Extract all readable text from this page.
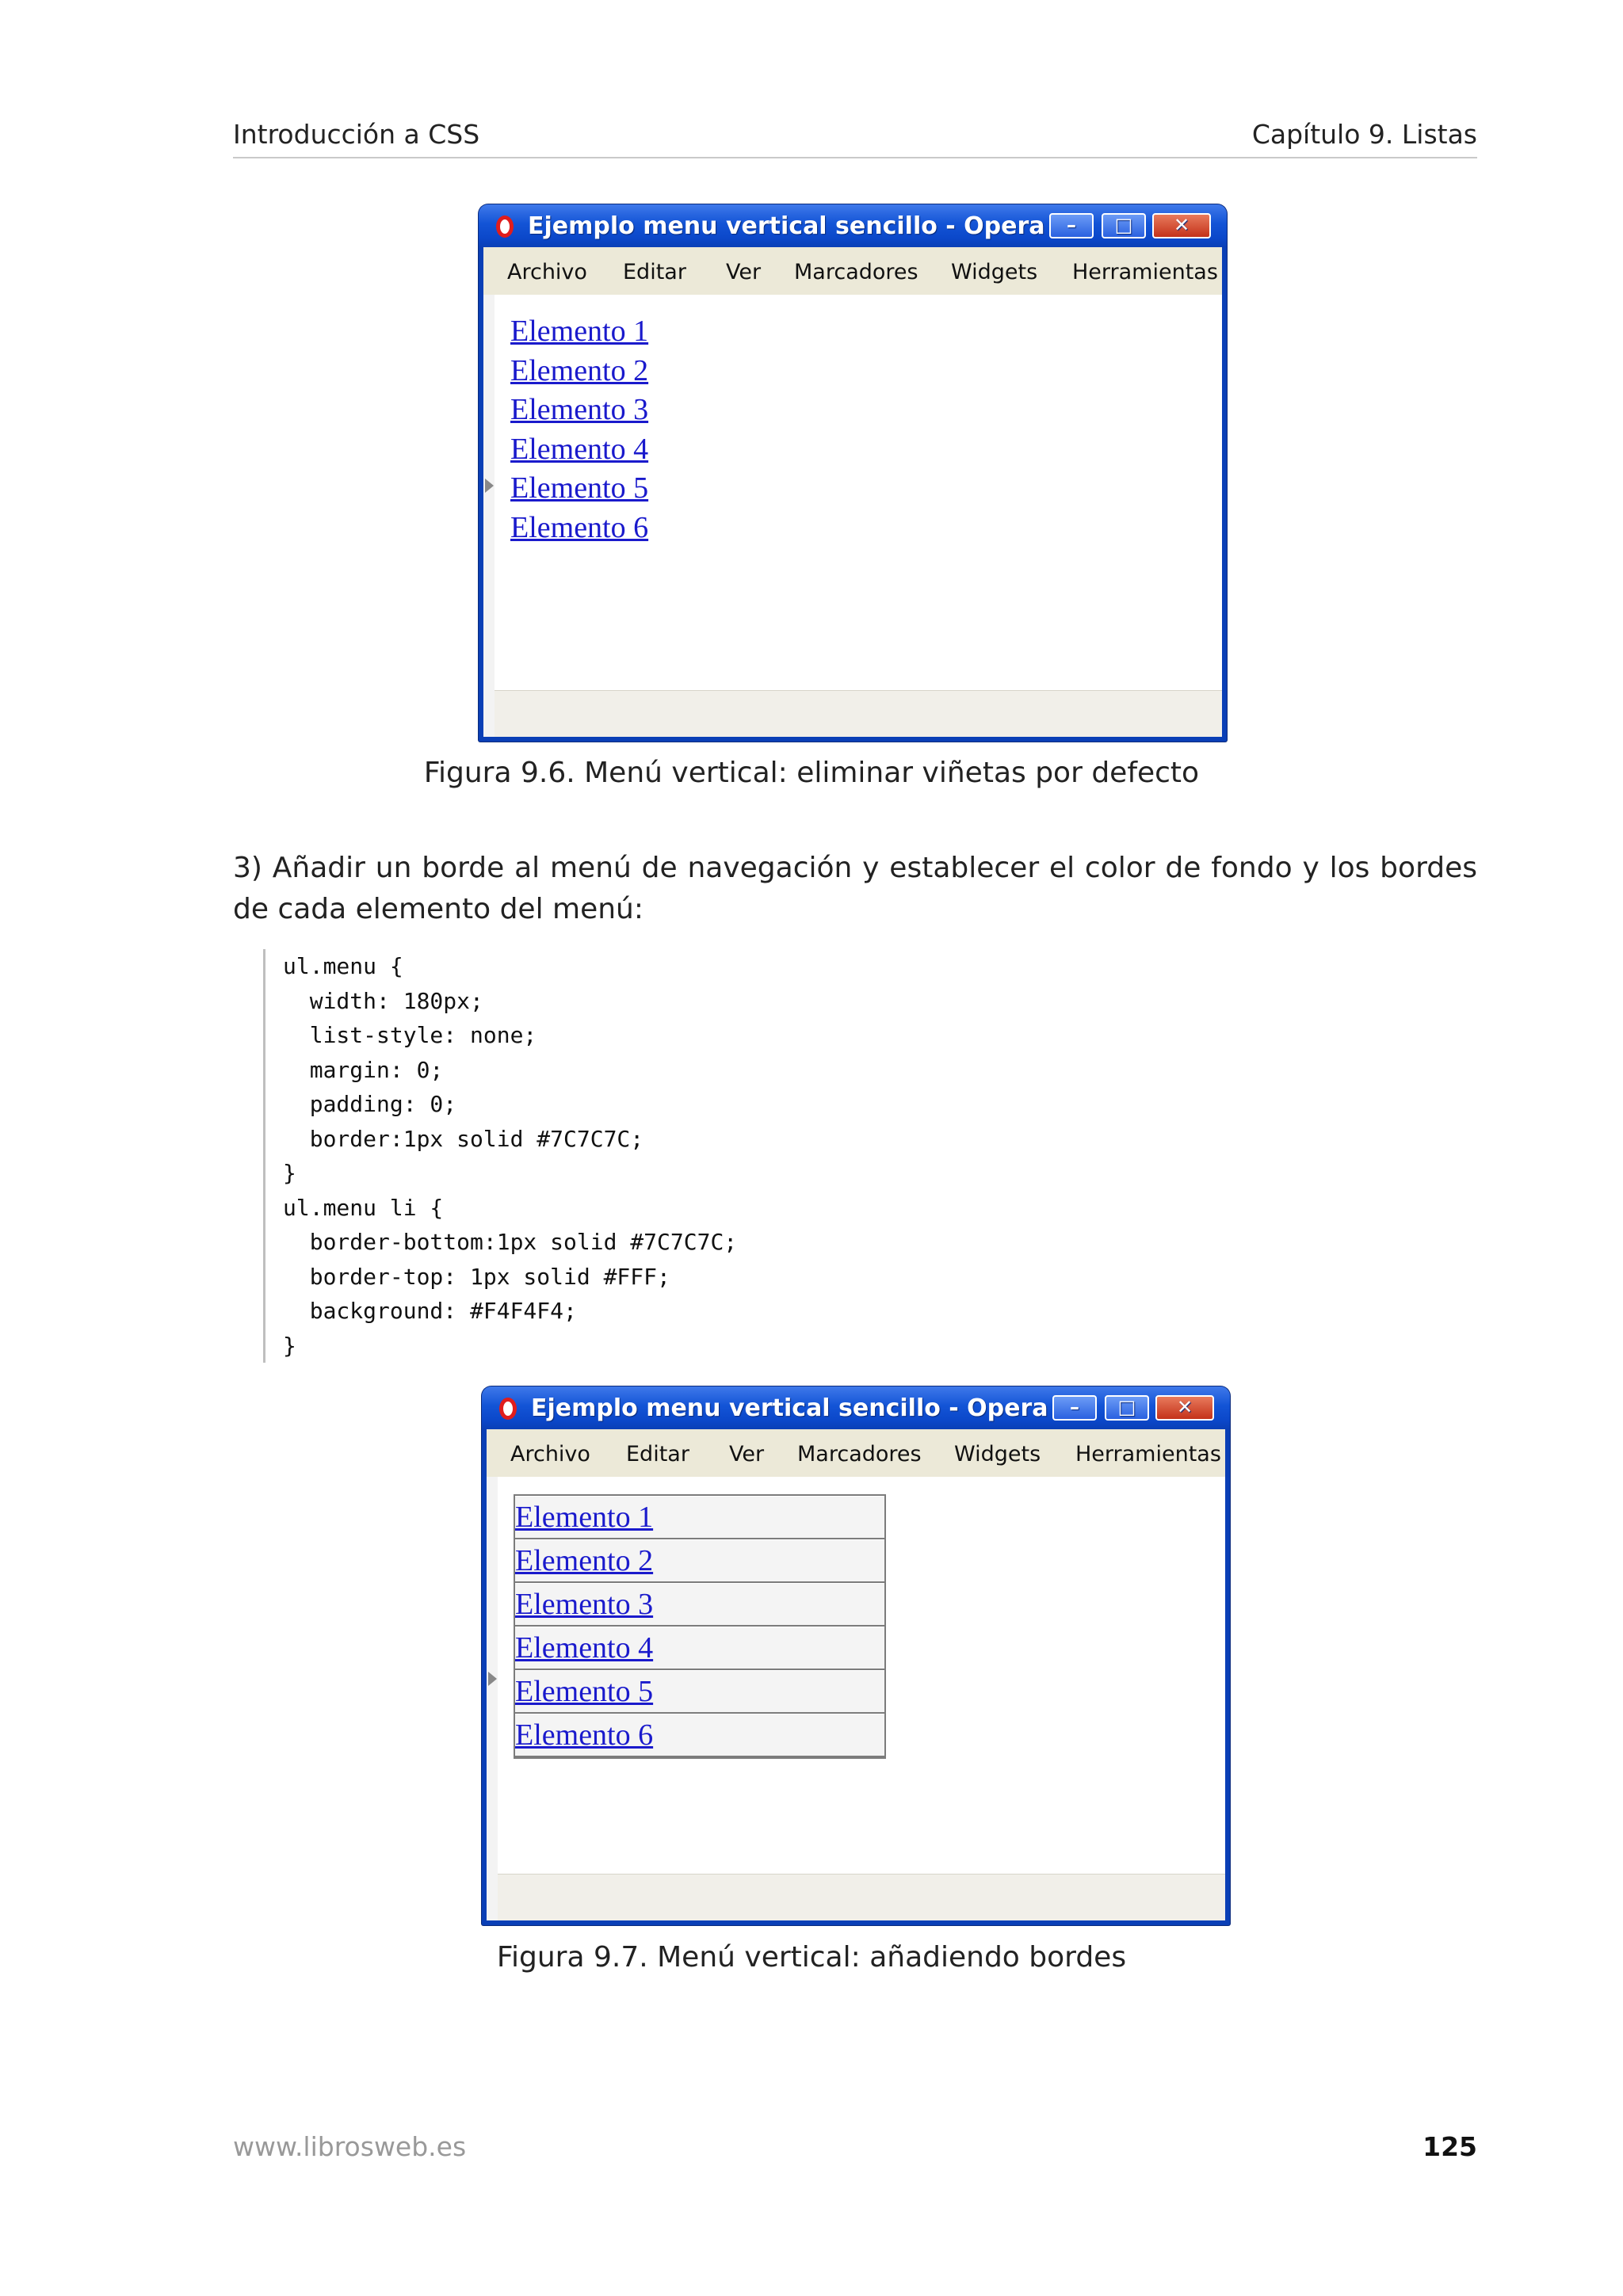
Introducción a CSS	Capítulo 9. Listas
Ejemplo menu vertical sencillo - Opera	–	□	✕
Archivo Editar Ver Marcadores Widgets Herramientas
Elemento 1
Elemento 2
Elemento 3
Elemento 4
Elemento 5
Elemento 6
Figura 9.6. Menú vertical: eliminar viñetas por defecto
3) Añadir un borde al menú de navegación y establecer el color de fondo y los bordes de cada elemento del menú:
ul.menu {
width: 180px;
list-style: none;
margin: 0;
padding: 0;
border:1px solid #7C7C7C;
}
ul.menu li {
border-bottom:1px solid #7C7C7C;
border-top: 1px solid #FFF;
background: #F4F4F4;
}
Ejemplo menu vertical sencillo - Opera	–	□	✕
Archivo Editar Ver Marcadores Widgets Herramientas
Elemento 1
Elemento 2
Elemento 3
Elemento 4
Elemento 5
Elemento 6
Figura 9.7. Menú vertical: añadiendo bordes
www.librosweb.es	125
